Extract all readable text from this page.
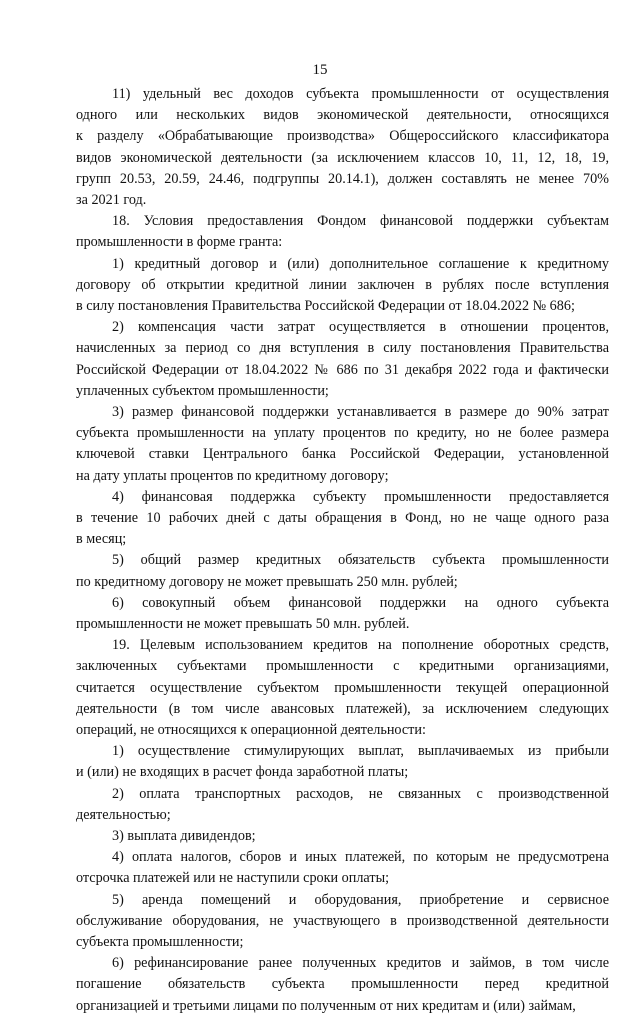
15
11) удельный вес доходов субъекта промышленности от осуществления
одного или нескольких видов экономической деятельности, относящихся
к разделу «Обрабатывающие производства» Общероссийского классификатора
видов экономической деятельности (за исключением классов 10, 11, 12, 18, 19,
групп 20.53, 20.59, 24.46, подгруппы 20.14.1), должен составлять не менее 70%
за 2021 год.
18. Условия предоставления Фондом финансовой поддержки субъектам
промышленности в форме гранта:
1) кредитный договор и (или) дополнительное соглашение к кредитному
договору об открытии кредитной линии заключен в рублях после вступления
в силу постановления Правительства Российской Федерации от 18.04.2022 № 686;
2) компенсация части затрат осуществляется в отношении процентов,
начисленных за период со дня вступления в силу постановления Правительства
Российской Федерации от 18.04.2022 № 686 по 31 декабря 2022 года и фактически
уплаченных субъектом промышленности;
3) размер финансовой поддержки устанавливается в размере до 90% затрат
субъекта промышленности на уплату процентов по кредиту, но не более размера
ключевой ставки Центрального банка Российской Федерации, установленной
на дату уплаты процентов по кредитному договору;
4) финансовая поддержка субъекту промышленности предоставляется
в течение 10 рабочих дней с даты обращения в Фонд, но не чаще одного раза
в месяц;
5) общий размер кредитных обязательств субъекта промышленности
по кредитному договору не может превышать 250 млн. рублей;
6) совокупный объем финансовой поддержки на одного субъекта
промышленности не может превышать 50 млн. рублей.
19. Целевым использованием кредитов на пополнение оборотных средств,
заключенных субъектами промышленности с кредитными организациями,
считается осуществление субъектом промышленности текущей операционной
деятельности (в том числе авансовых платежей), за исключением следующих
операций, не относящихся к операционной деятельности:
1) осуществление стимулирующих выплат, выплачиваемых из прибыли
и (или) не входящих в расчет фонда заработной платы;
2) оплата транспортных расходов, не связанных с производственной
деятельностью;
3) выплата дивидендов;
4) оплата налогов, сборов и иных платежей, по которым не предусмотрена
отсрочка платежей или не наступили сроки оплаты;
5) аренда помещений и оборудования, приобретение и сервисное
обслуживание оборудования, не участвующего в производственной деятельности
субъекта промышленности;
6) рефинансирование ранее полученных кредитов и займов, в том числе
погашение обязательств субъекта промышленности перед кредитной
организацией и третьими лицами по полученным от них кредитам и (или) займам,
